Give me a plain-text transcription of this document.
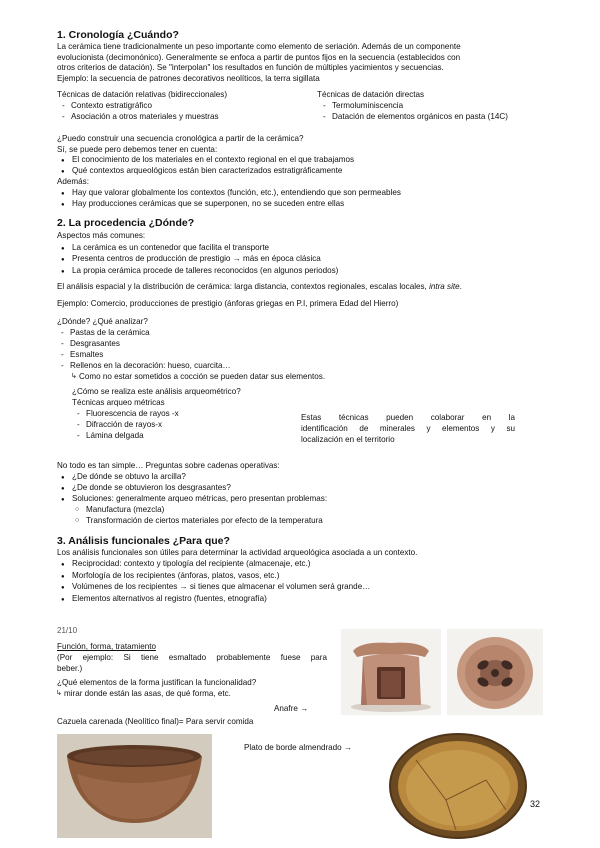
1. Cronología ¿Cuándo?
La cerámica tiene tradicionalmente un peso importante como elemento de seriación. Además de un componente
evolucionista (decimonónico). Generalmente se enfoca a partir de puntos fijos en la secuencia (establecidos con
otros criterios de datación). Se "interpolan" los resultados en función de múltiples yacimientos y secuencias.
Ejemplo: la secuencia de patrones decorativos neolíticos, la terra sigillata
Técnicas de datación relativas (bidireccionales)
- Contexto estratigráfico
- Asociación a otros materiales y muestras
Técnicas de datación directas
- Termoluminiscencia
- Datación de elementos orgánicos en pasta (14C)
¿Puedo construir una secuencia cronológica a partir de la cerámica?
Sí, se puede pero debemos tener en cuenta:
● El conocimiento de los materiales en el contexto regional en el que trabajamos
● Qué contextos arqueológicos están bien caracterizados estratigráficamente
Además:
● Hay que valorar globalmente los contextos (función, etc.), entendiendo que son permeables
● Hay producciones cerámicas que se superponen, no se suceden entre ellas
2. La procedencia ¿Dónde?
Aspectos más comunes:
● La cerámica es un contenedor que facilita el transporte
● Presenta centros de producción de prestigio → más en época clásica
● La propia cerámica procede de talleres reconocidos (en algunos periodos)
El análisis espacial y la distribución de cerámica: larga distancia, contextos regionales, escalas locales, intra site.
Ejemplo: Comercio, producciones de prestigio (ánforas griegas en P.I, primera Edad del Hierro)
¿Dónde? ¿Qué analizar?
- Pastas de la cerámica
- Desgrasantes
- Esmaltes
- Rellenos en la decoración: hueso, cuarcita…
↳ Como no estar sometidos a cocción se pueden datar sus elementos.
¿Cómo se realiza este análisis arqueométrico?
Técnicas arqueo métricas
- Fluorescencia de rayos -x
- Difracción de rayos-x
- Lámina delgada
Estas técnicas pueden colaborar en la
identificación de minerales y elementos y su
localización en el territorio
No todo es tan simple… Preguntas sobre cadenas operativas:
● ¿De dónde se obtuvo la arcilla?
● ¿De donde se obtuvieron los desgrasantes?
● Soluciones: generalmente arqueo métricas, pero presentan problemas:
○ Manufactura (mezcla)
○ Transformación de ciertos materiales por efecto de la temperatura
3. Análisis funcionales ¿Para que?
Los análisis funcionales son útiles para determinar la actividad arqueológica asociada a un contexto.
● Reciprocidad: contexto y tipología del recipiente (almacenaje, etc.)
● Morfología de los recipientes (ánforas, platos, vasos, etc.)
● Volúmenes de los recipientes → si tienes que almacenar el volumen será grande…
● Elementos alternativos al registro (fuentes, etnografía)
21/10
Función, forma, tratamiento
(Por ejemplo: Si tiene esmaltado probablemente fuese para
beber.)
¿Qué elementos de la forma justifican la funcionalidad?
↳ mirar donde están las asas, de qué forma, etc.
Anafre →
Cazuela carenada (Neolítico final)= Para servir comida
Plato de borde almendrado →
32
